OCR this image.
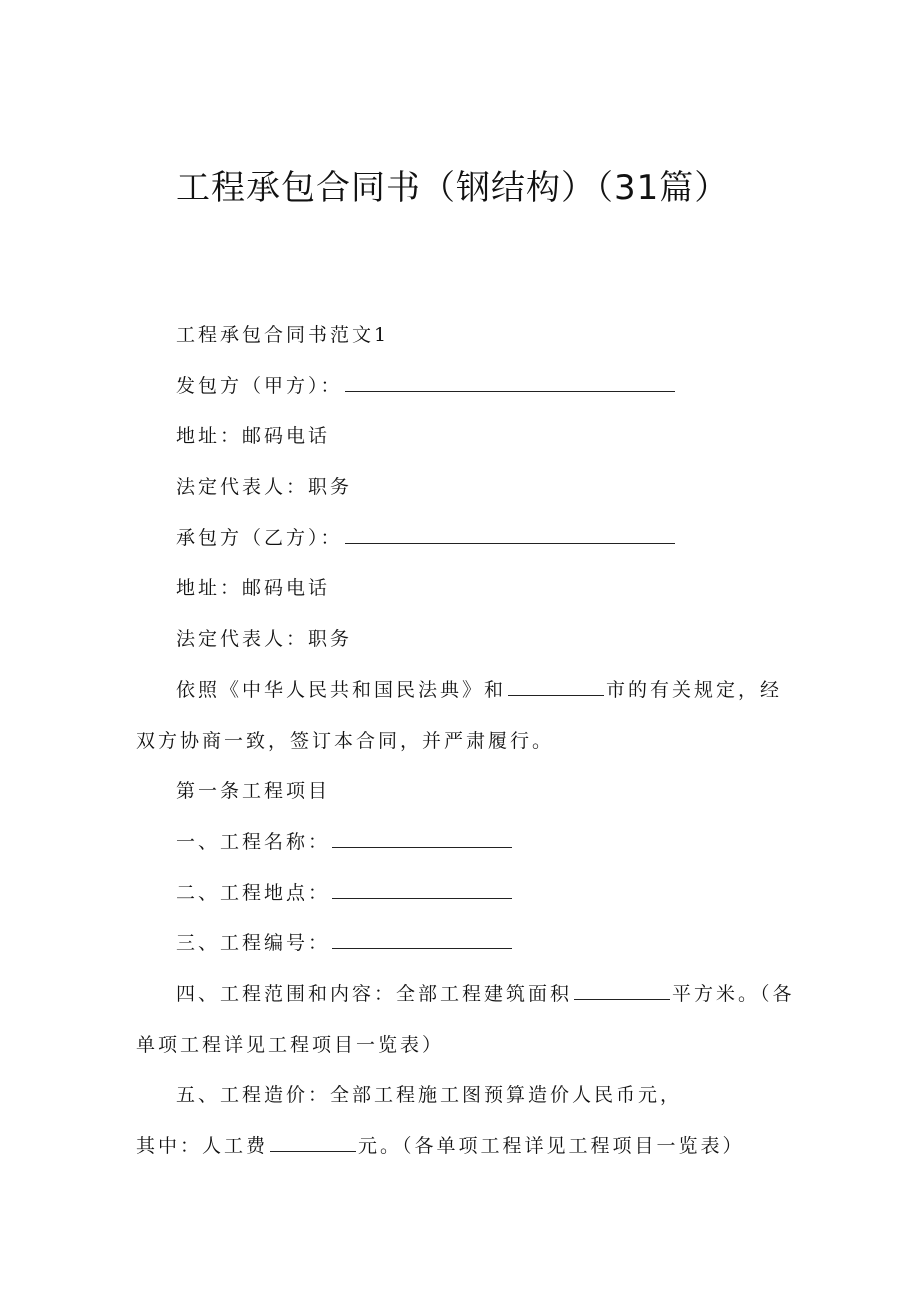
工程承包合同书（钢结构）（31篇）
工程承包合同书范文1
发包方（甲方）：
地址：邮码电话
法定代表人：职务
承包方（乙方）：
地址：邮码电话
法定代表人：职务
依照《中华人民共和国民法典》和	市的有关规定，经
双方协商一致，签订本合同，并严肃履行。
第一条工程项目
一、工程名称：
二、工程地点：
三、工程编号：
四、工程范围和内容：全部工程建筑面积	平方米。（各
单项工程详见工程项目一览表）
五、工程造价：全部工程施工图预算造价人民币元，
其中：人工费	元。（各单项工程详见工程项目一览表）
